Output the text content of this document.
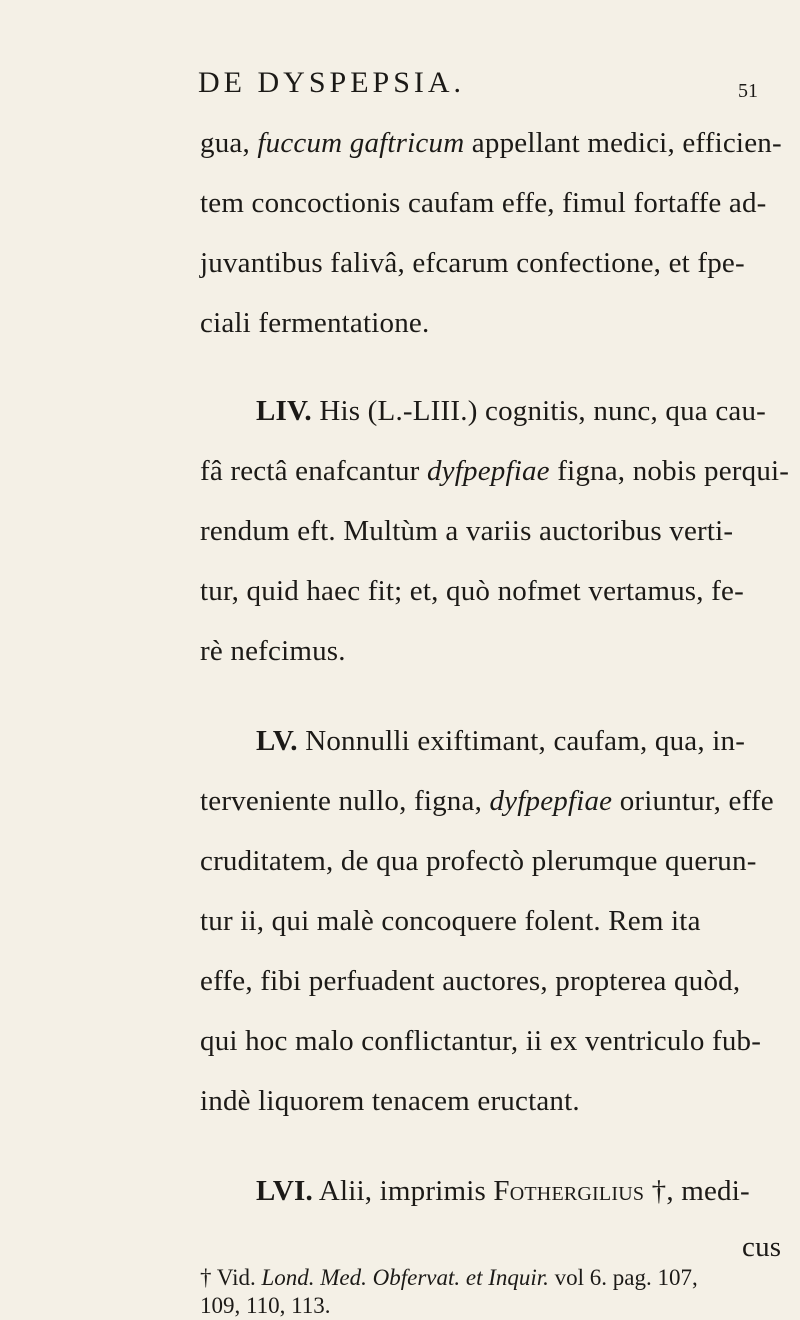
DE DYSPEPSIA.	51
gua, fuccum gaftricum appellant medici, efficien-
tem concoctionis caufam effe, fimul fortaffe ad-
juvantibus falivâ, efcarum confectione, et fpe-
ciali fermentatione.
LIV. His (L.-LIII.) cognitis, nunc, qua cau-
fâ rectâ enafcantur dyfpepfiae figna, nobis perqui-
rendum eft. Multùm a variis auctoribus verti-
tur, quid haec fit; et, quò nofmet vertamus, fe-
rè nefcimus.
LV. Nonnulli exiftimant, caufam, qua, in-
terveniente nullo, figna, dyfpepfiae oriuntur, effe
cruditatem, de qua profectò plerumque querun-
tur ii, qui malè concoquere folent. Rem ita
effe, fibi perfuadent auctores, propterea quòd,
qui hoc malo conflictantur, ii ex ventriculo fub-
indè liquorem tenacem eructant.
LVI. Alii, imprimis Fothergilius †, medi-
cus
† Vid. Lond. Med. Obfervat. et Inquir. vol 6. pag. 107,
109, 110, 113.
